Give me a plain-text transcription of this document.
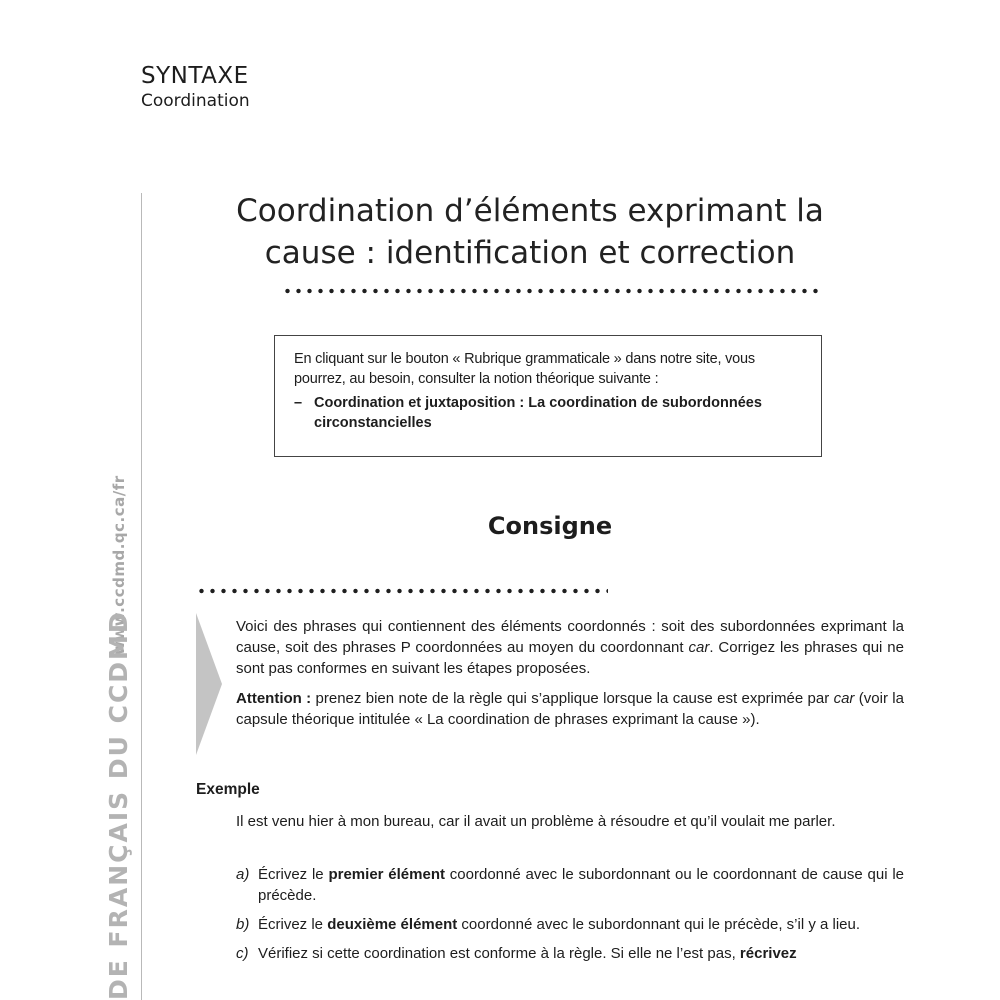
SYNTAXE
Coordination
www.ccdmd.qc.ca/fr
DE FRANÇAIS DU CCDMD
Coordination d’éléments exprimant la
cause : identification et correction
En cliquant sur le bouton « Rubrique grammaticale » dans notre site, vous pourrez, au besoin, consulter la notion théorique suivante :
– Coordination et juxtaposition : La coordination de subordonnées circonstancielles
Consigne

Voici des phrases qui contiennent des éléments coordonnés : soit des subordonnées exprimant la cause, soit des phrases P coordonnées au moyen du coordonnant car. Corrigez les phrases qui ne sont pas conformes en suivant les étapes proposées.

Attention : prenez bien note de la règle qui s’applique lorsque la cause est exprimée par car (voir la capsule théorique intitulée « La coordination de phrases exprimant la cause »).

Exemple
Il est venu hier à mon bureau, car il avait un problème à résoudre et qu’il voulait me parler.
a) Écrivez le premier élément coordonné avec le subordonnant ou le coordonnant de cause qui le précède.
b) Écrivez le deuxième élément coordonné avec le subordonnant qui le précède, s’il y a lieu.
c) Vérifiez si cette coordination est conforme à la règle. Si elle ne l’est pas, récrivez
